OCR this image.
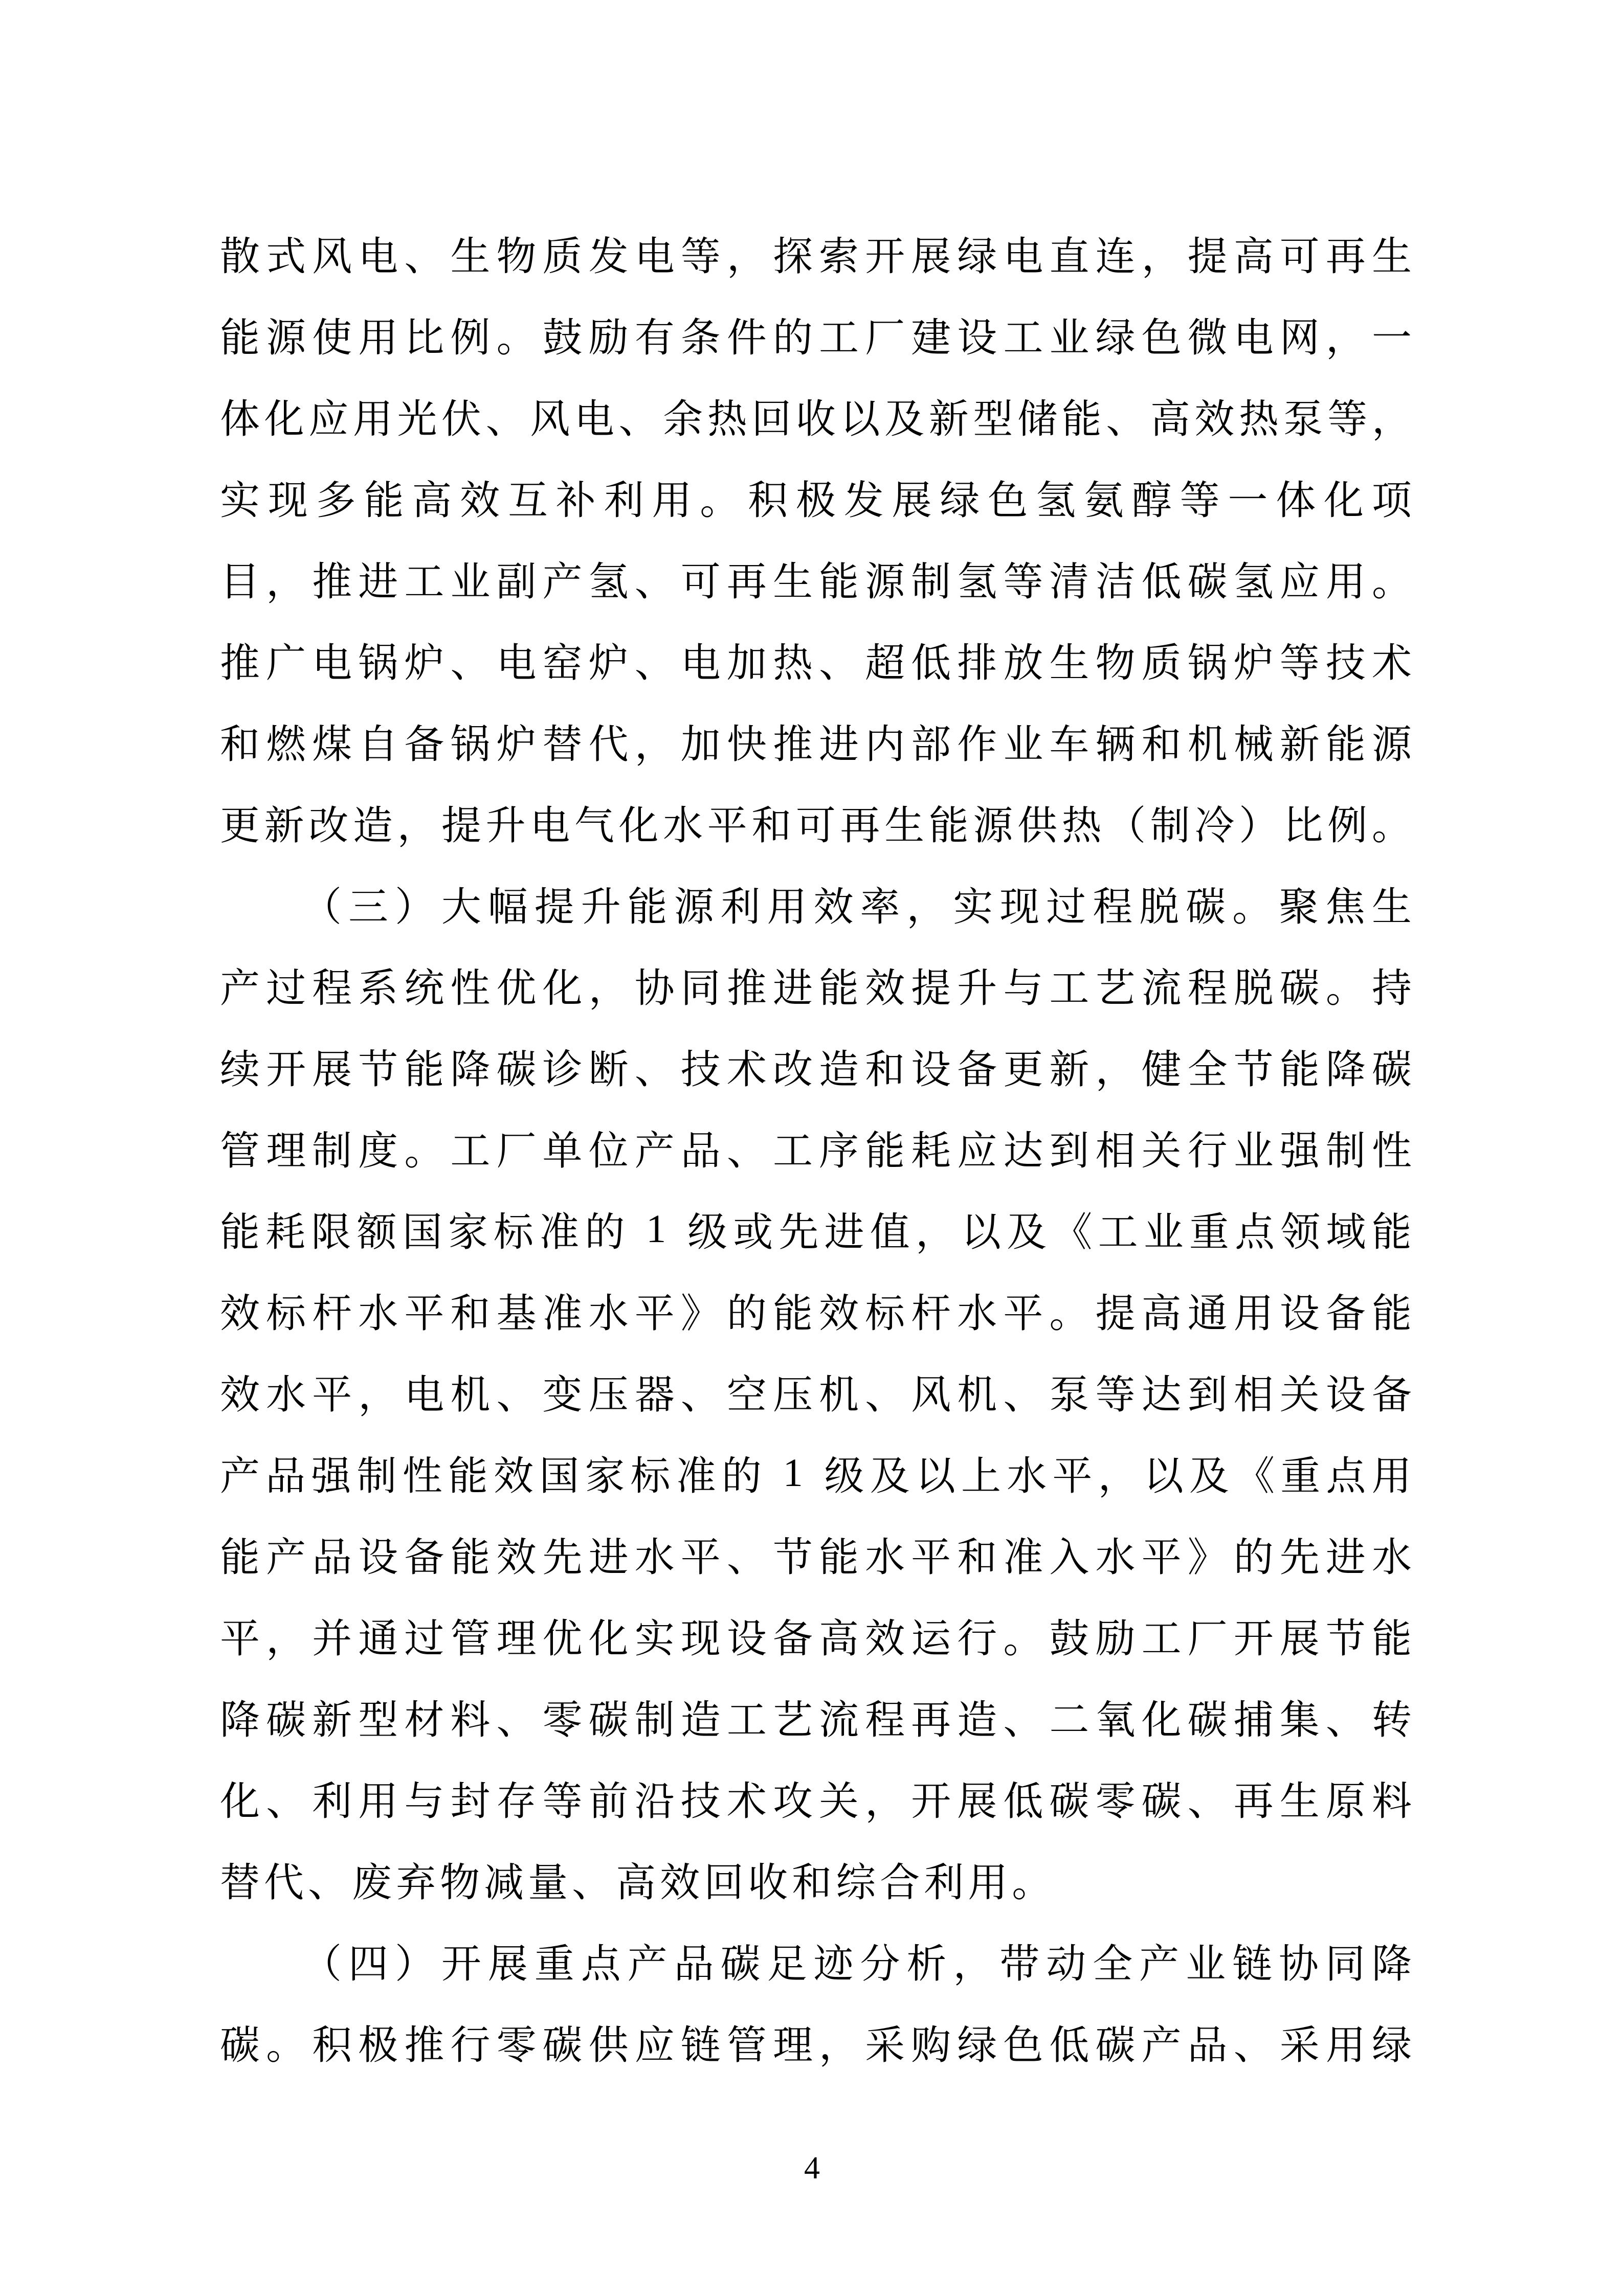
散 式 风 电 、 生 物 质 发 电 等 ， 探 索 开 展 绿 电 直 连 ， 提 高 可 再 生
能 源 使 用 比 例 。 鼓 励 有 条 件 的 工 厂 建 设 工 业 绿 色 微 电 网 ， 一
体 化 应 用 光 伏 、 风 电 、 余 热 回 收 以 及 新 型 储 能 、 高 效 热 泵 等 ，
实 现 多 能 高 效 互 补 利 用 。 积 极 发 展 绿 色 氢 氨 醇 等 一 体 化 项
目 ， 推 进 工 业 副 产 氢 、 可 再 生 能 源 制 氢 等 清 洁 低 碳 氢 应 用 。
推 广 电 锅 炉 、 电 窑 炉 、 电 加 热 、 超 低 排 放 生 物 质 锅 炉 等 技 术
和 燃 煤 自 备 锅 炉 替 代 ， 加 快 推 进 内 部 作 业 车 辆 和 机 械 新 能 源
更 新 改 造 ， 提 升 电 气 化 水 平 和 可 再 生 能 源 供 热 （ 制 冷 ） 比 例 。
（ 三 ） 大 幅 提 升 能 源 利 用 效 率 ， 实 现 过 程 脱 碳 。 聚 焦 生
产 过 程 系 统 性 优 化 ， 协 同 推 进 能 效 提 升 与 工 艺 流 程 脱 碳 。 持
续 开 展 节 能 降 碳 诊 断 、 技 术 改 造 和 设 备 更 新 ， 健 全 节 能 降 碳
管 理 制 度 。 工 厂 单 位 产 品 、 工 序 能 耗 应 达 到 相 关 行 业 强 制 性
能 耗 限 额 国 家 标 准 的
1
级 或 先 进 值 ， 以 及 《 工 业 重 点 领 域 能
效 标 杆 水 平 和 基 准 水 平 》 的 能 效 标 杆 水 平 。 提 高 通 用 设 备 能
效 水 平 ， 电 机 、 变 压 器 、 空 压 机 、 风 机 、 泵 等 达 到 相 关 设 备
产 品 强 制 性 能 效 国 家 标 准 的
1
级 及 以 上 水 平 ， 以 及 《 重 点 用
能 产 品 设 备 能 效 先 进 水 平 、 节 能 水 平 和 准 入 水 平 》 的 先 进 水
平 ， 并 通 过 管 理 优 化 实 现 设 备 高 效 运 行 。 鼓 励 工 厂 开 展 节 能
降 碳 新 型 材 料 、 零 碳 制 造 工 艺 流 程 再 造 、 二 氧 化 碳 捕 集 、 转
化 、 利 用 与 封 存 等 前 沿 技 术 攻 关 ， 开 展 低 碳 零 碳 、 再 生 原 料
替 代 、 废 弃 物 减 量 、 高 效 回 收 和 综 合 利 用 。
（ 四 ） 开 展 重 点 产 品 碳 足 迹 分 析 ， 带 动 全 产 业 链 协 同 降
碳 。 积 极 推 行 零 碳 供 应 链 管 理 ， 采 购 绿 色 低 碳 产 品 、 采 用 绿
4
